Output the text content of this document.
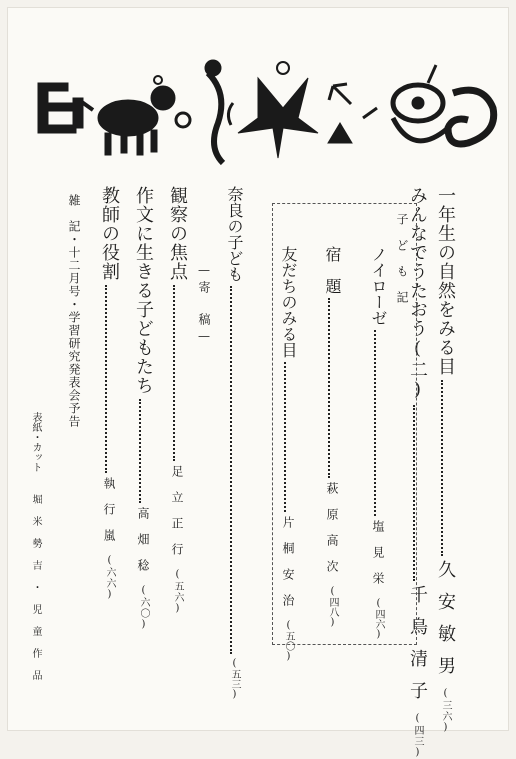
一年生の自然をみる目久安敏男(三六)
みんなでうたおう(二)千鳥清子(四三)
子ども記
ノイローゼ塩見栄(四六)
宿　題萩原高次(四八)
友だちのみる目片桐安治(五〇)
奈良の子ども(五三)
—寄　稿—
観察の焦点足立正行(五六)
作文に生きる子どもたち高畑稔(六〇)
教師の役割執行嵐(六六)
雑　記・十二月号・学習研究発表会予告
表紙・カット堀米勢吉・児童作品
